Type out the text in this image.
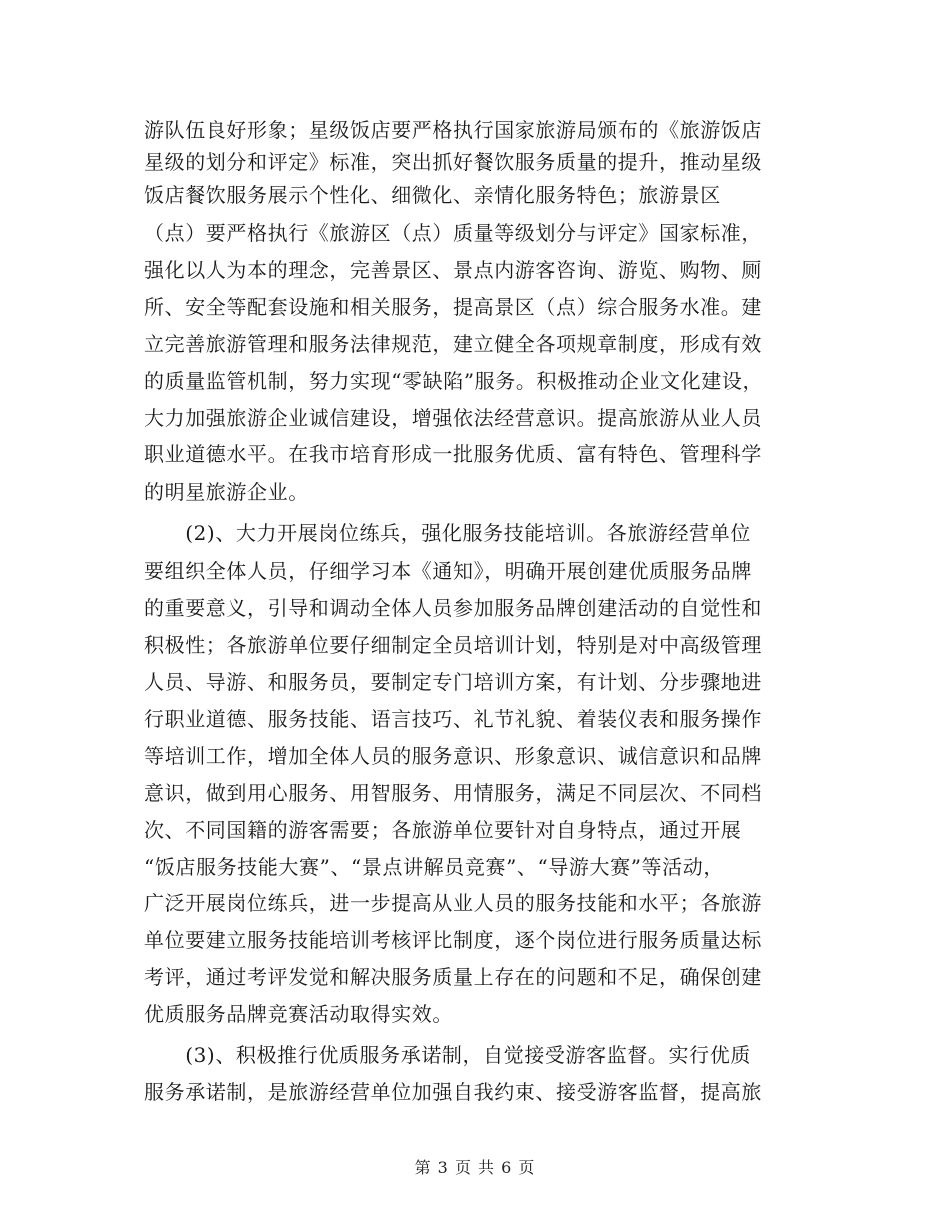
游队伍良好形象；星级饭店要严格执行国家旅游局颁布的《旅游饭店
星级的划分和评定》标准，突出抓好餐饮服务质量的提升，推动星级
饭店餐饮服务展示个性化、细微化、亲情化服务特色；旅游景区
（点）要严格执行《旅游区（点）质量等级划分与评定》国家标准，
强化以人为本的理念，完善景区、景点内游客咨询、游览、购物、厕
所、安全等配套设施和相关服务，提高景区（点）综合服务水准。建
立完善旅游管理和服务法律规范，建立健全各项规章制度，形成有效
的质量监管机制，努力实现“零缺陷”服务。积极推动企业文化建设，
大力加强旅游企业诚信建设，增强依法经营意识。提高旅游从业人员
职业道德水平。在我市培育形成一批服务优质、富有特色、管理科学
的明星旅游企业。
　　(2)、大力开展岗位练兵，强化服务技能培训。各旅游经营单位
要组织全体人员，仔细学习本《通知》，明确开展创建优质服务品牌
的重要意义，引导和调动全体人员参加服务品牌创建活动的自觉性和
积极性；各旅游单位要仔细制定全员培训计划，特别是对中高级管理
人员、导游、和服务员，要制定专门培训方案，有计划、分步骤地进
行职业道德、服务技能、语言技巧、礼节礼貌、着装仪表和服务操作
等培训工作，增加全体人员的服务意识、形象意识、诚信意识和品牌
意识，做到用心服务、用智服务、用情服务，满足不同层次、不同档
次、不同国籍的游客需要；各旅游单位要针对自身特点，通过开展
“饭店服务技能大赛”、“景点讲解员竞赛”、“导游大赛”等活动，
广泛开展岗位练兵，进一步提高从业人员的服务技能和水平；各旅游
单位要建立服务技能培训考核评比制度，逐个岗位进行服务质量达标
考评，通过考评发觉和解决服务质量上存在的问题和不足，确保创建
优质服务品牌竞赛活动取得实效。
　　(3)、积极推行优质服务承诺制，自觉接受游客监督。实行优质
服务承诺制，是旅游经营单位加强自我约束、接受游客监督，提高旅
第 3 页 共 6 页
